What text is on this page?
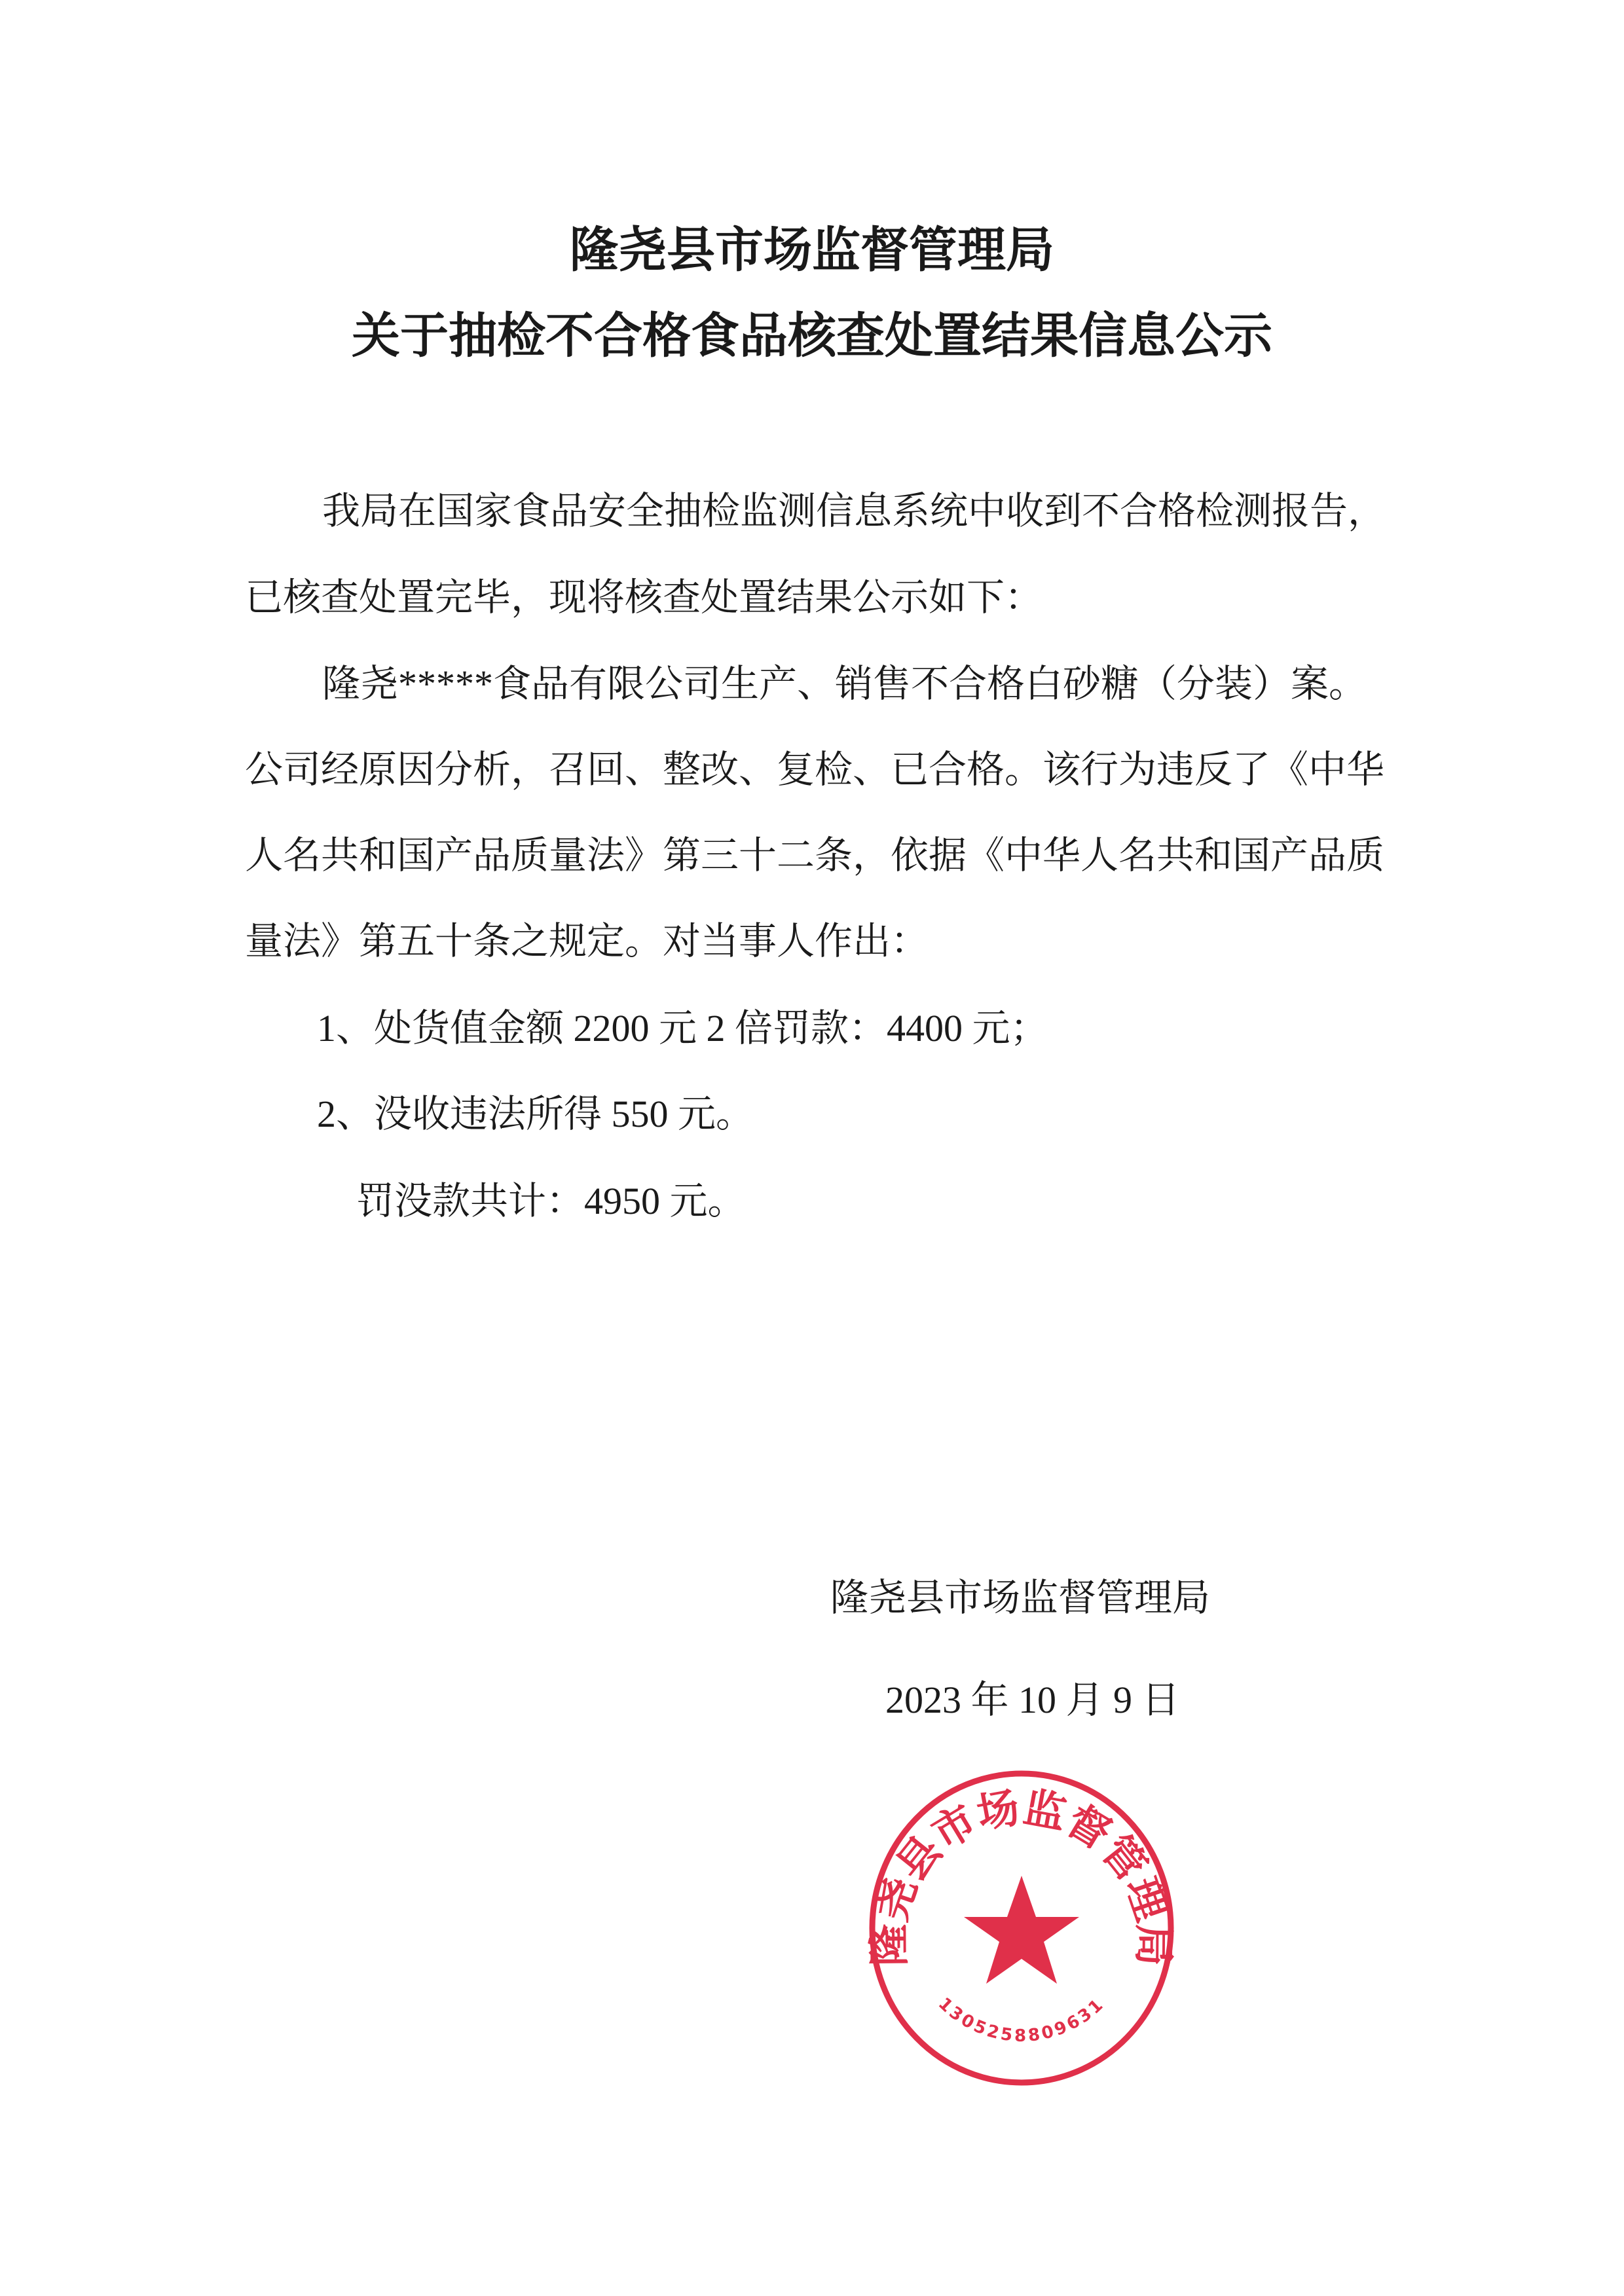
隆尧县市场监督管理局
关于抽检不合格食品核查处置结果信息公示
我局在国家食品安全抽检监测信息系统中收到不合格检测报告，
已核查处置完毕，现将核查处置结果公示如下：
隆尧*****食品有限公司生产、销售不合格白砂糖（分装）案。
公司经原因分析，召回、整改、复检、已合格。该行为违反了《中华
人名共和国产品质量法》第三十二条，依据《中华人名共和国产品质
量法》第五十条之规定。对当事人作出：
1、处货值金额 2200 元 2 倍罚款：4400 元；
2、没收违法所得 550 元。
罚没款共计：4950 元。
隆尧县市场监督管理局
2023 年 10 月 9 日
隆尧县市场监督管理局
1305258809631
